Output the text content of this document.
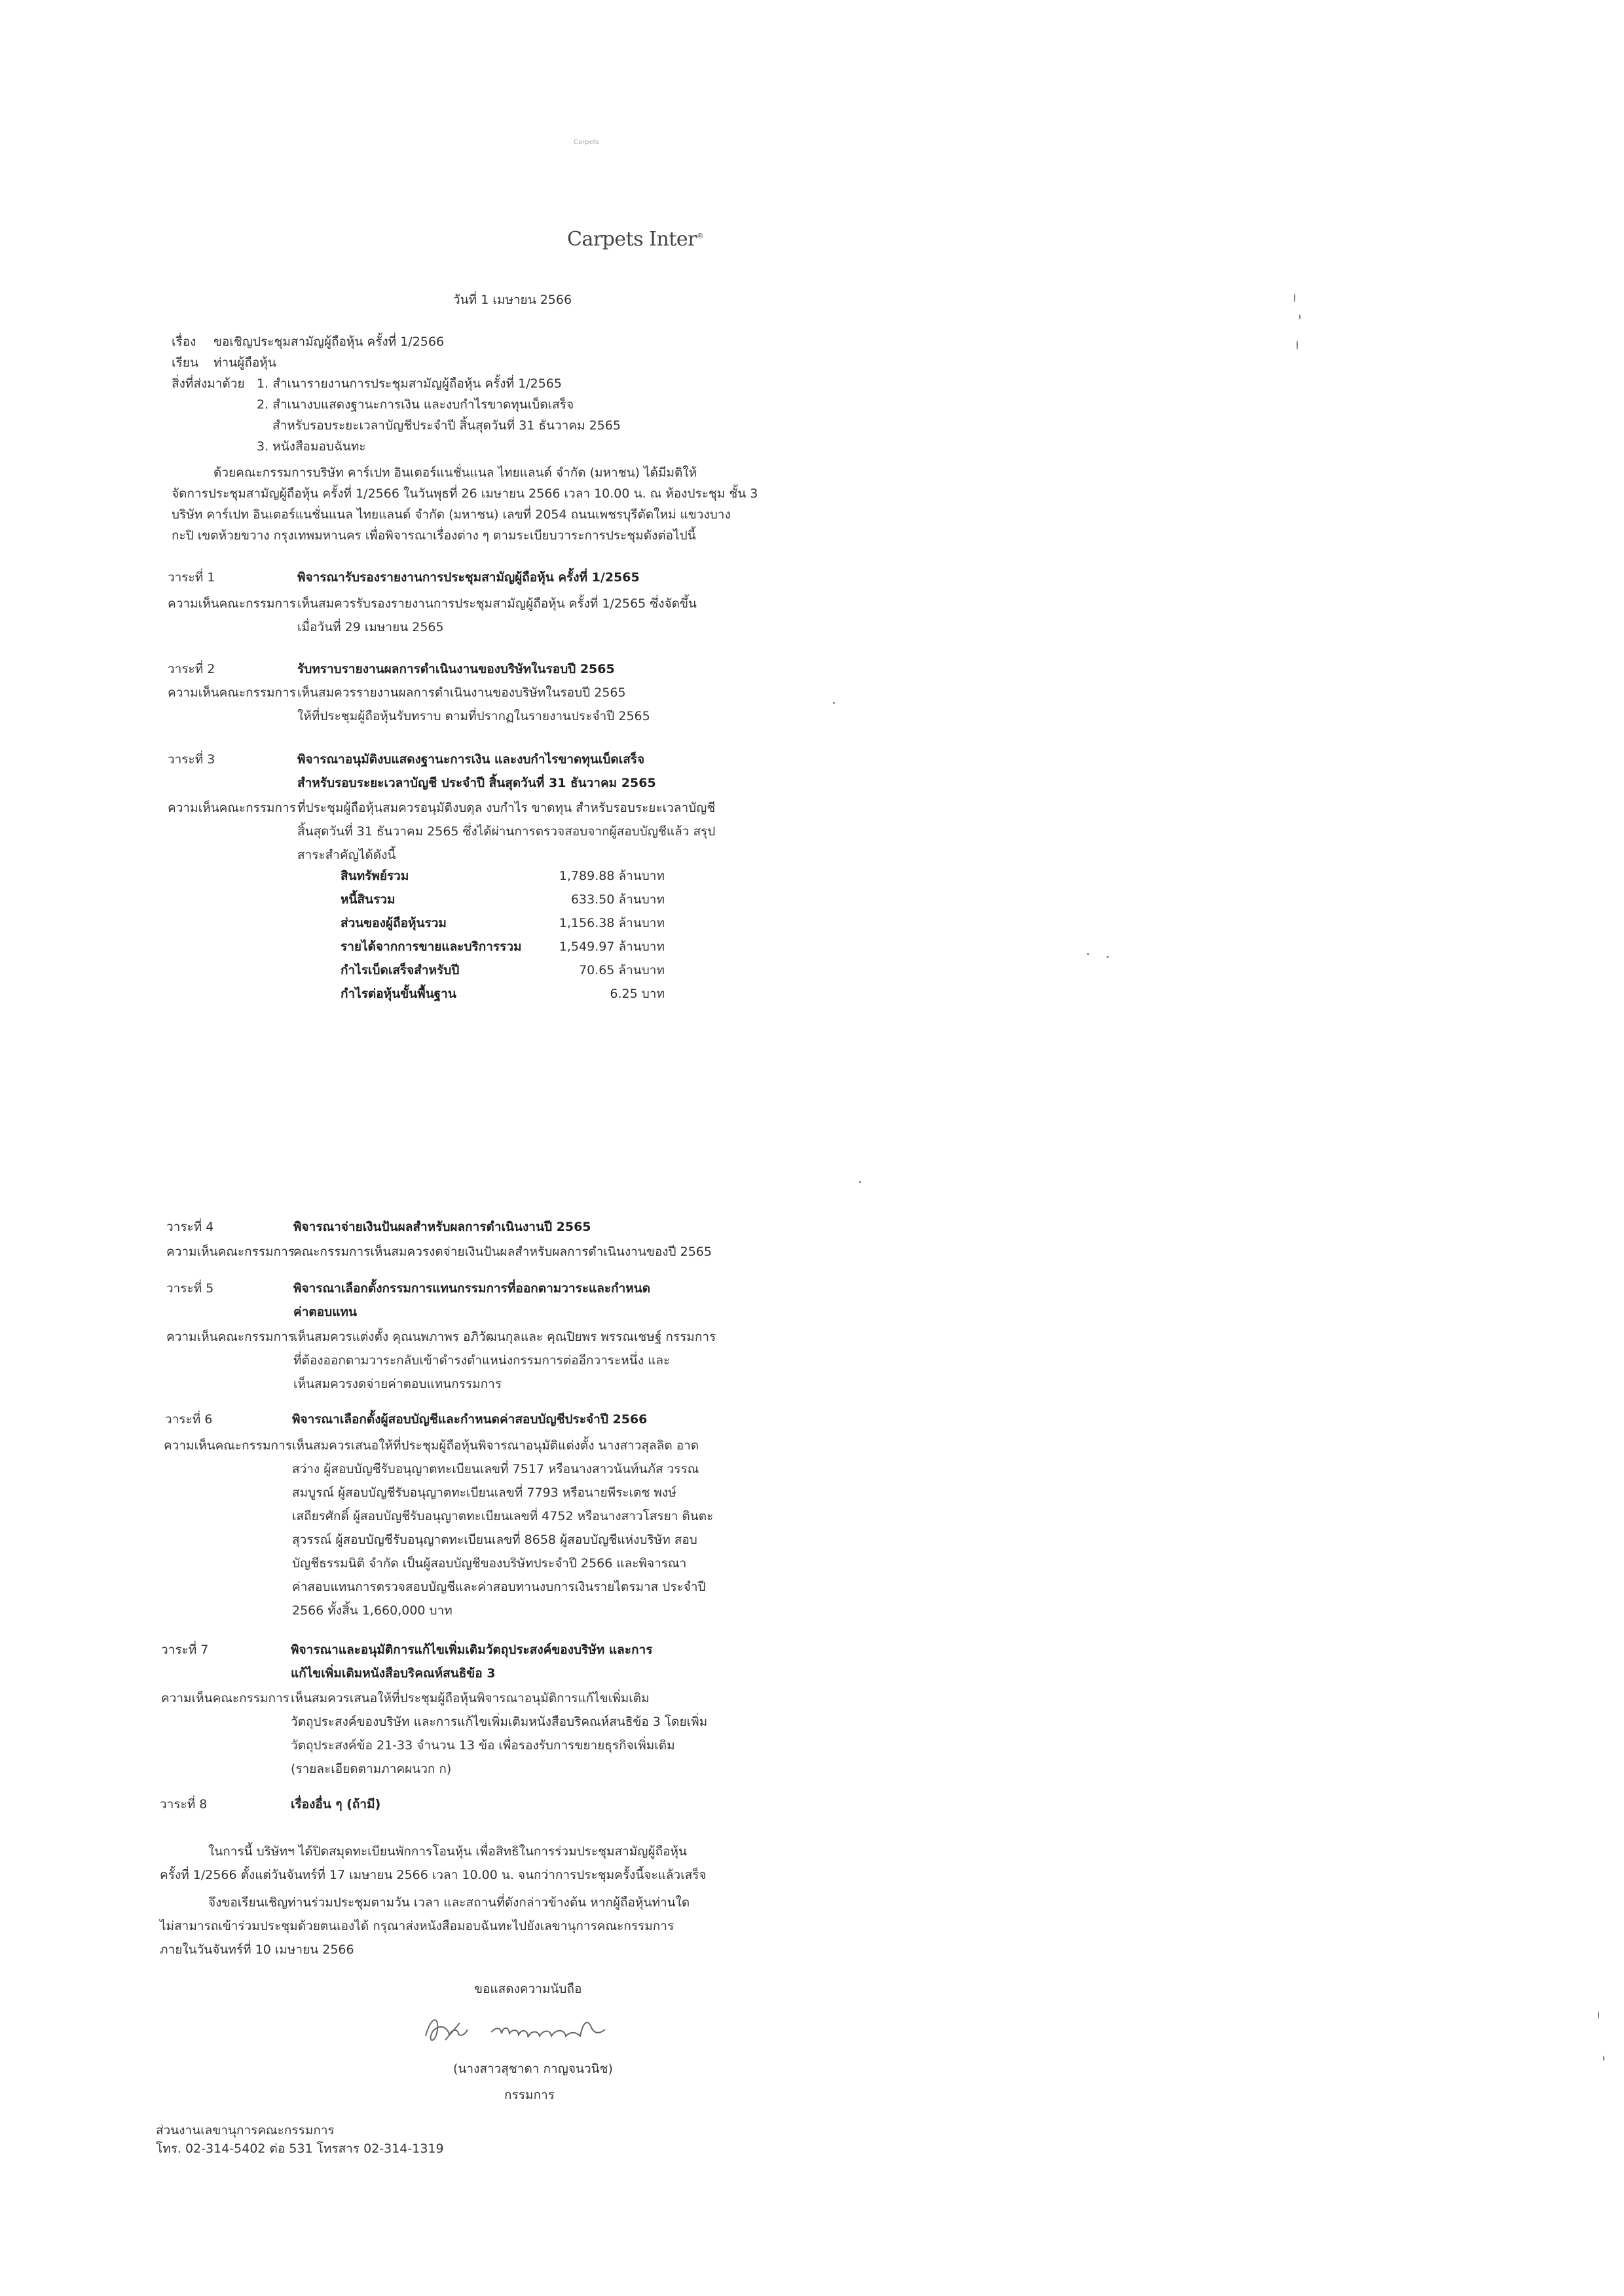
Carpets
Carpets Inter®
วันที่ 1 เมษายน 2566
เรื่อง ขอเชิญประชุมสามัญผู้ถือหุ้น ครั้งที่ 1/2566
เรียน ท่านผู้ถือหุ้น
สิ่งที่ส่งมาด้วย 1. สำเนารายงานการประชุมสามัญผู้ถือหุ้น ครั้งที่ 1/2565
2. สำเนางบแสดงฐานะการเงิน และงบกำไรขาดทุนเบ็ดเสร็จ
สำหรับรอบระยะเวลาบัญชีประจำปี สิ้นสุดวันที่ 31 ธันวาคม 2565
3. หนังสือมอบฉันทะ
ด้วยคณะกรรมการบริษัท คาร์เปท อินเตอร์แนชั่นแนล ไทยแลนด์ จำกัด (มหาชน) ได้มีมติให้
จัดการประชุมสามัญผู้ถือหุ้น ครั้งที่ 1/2566 ในวันพุธที่ 26 เมษายน 2566 เวลา 10.00 น. ณ ห้องประชุม ชั้น 3
บริษัท คาร์เปท อินเตอร์แนชั่นแนล ไทยแลนด์ จำกัด (มหาชน) เลขที่ 2054 ถนนเพชรบุรีตัดใหม่ แขวงบาง
กะปิ เขตห้วยขวาง กรุงเทพมหานคร เพื่อพิจารณาเรื่องต่าง ๆ ตามระเบียบวาระการประชุมดังต่อไปนี้
วาระที่ 1	พิจารณารับรองรายงานการประชุมสามัญผู้ถือหุ้น ครั้งที่ 1/2565
ความเห็นคณะกรรมการ เห็นสมควรรับรองรายงานการประชุมสามัญผู้ถือหุ้น ครั้งที่ 1/2565 ซึ่งจัดขึ้น
เมื่อวันที่ 29 เมษายน 2565
วาระที่ 2	รับทราบรายงานผลการดำเนินงานของบริษัทในรอบปี 2565
ความเห็นคณะกรรมการ เห็นสมควรรายงานผลการดำเนินงานของบริษัทในรอบปี 2565
ให้ที่ประชุมผู้ถือหุ้นรับทราบ ตามที่ปรากฏในรายงานประจำปี 2565
วาระที่ 3	พิจารณาอนุมัติงบแสดงฐานะการเงิน และงบกำไรขาดทุนเบ็ดเสร็จ
สำหรับรอบระยะเวลาบัญชี ประจำปี สิ้นสุดวันที่ 31 ธันวาคม 2565
ความเห็นคณะกรรมการ ที่ประชุมผู้ถือหุ้นสมควรอนุมัติงบดุล งบกำไร ขาดทุน สำหรับรอบระยะเวลาบัญชี
สิ้นสุดวันที่ 31 ธันวาคม 2565 ซึ่งได้ผ่านการตรวจสอบจากผู้สอบบัญชีแล้ว สรุป
สาระสำคัญได้ดังนี้
สินทรัพย์รวม	1,789.88 ล้านบาท
หนี้สินรวม	633.50 ล้านบาท
ส่วนของผู้ถือหุ้นรวม	1,156.38 ล้านบาท
รายได้จากการขายและบริการรวม	1,549.97 ล้านบาท
กำไรเบ็ดเสร็จสำหรับปี	70.65 ล้านบาท
กำไรต่อหุ้นขั้นพื้นฐาน	6.25 บาท
วาระที่ 4	พิจารณาจ่ายเงินปันผลสำหรับผลการดำเนินงานปี 2565
ความเห็นคณะกรรมการ
คณะกรรมการเห็นสมควรงดจ่ายเงินปันผลสำหรับผลการดำเนินงานของปี 2565
วาระที่ 5	พิจารณาเลือกตั้งกรรมการแทนกรรมการที่ออกตามวาระและกำหนด
ค่าตอบแทน
ความเห็นคณะกรรมการ
เห็นสมควรแต่งตั้ง คุณนพภาพร อภิวัฒนกุลและ คุณปิยพร พรรณเชษฐ์ กรรมการ
ที่ต้องออกตามวาระกลับเข้าดำรงตำแหน่งกรรมการต่ออีกวาระหนึ่ง และ
เห็นสมควรงดจ่ายค่าตอบแทนกรรมการ
วาระที่ 6	พิจารณาเลือกตั้งผู้สอบบัญชีและกำหนดค่าสอบบัญชีประจำปี 2566
ความเห็นคณะกรรมการ เห็นสมควรเสนอให้ที่ประชุมผู้ถือหุ้นพิจารณาอนุมัติแต่งตั้ง นางสาวสุลลิต อาด
สว่าง ผู้สอบบัญชีรับอนุญาตทะเบียนเลขที่ 7517 หรือนางสาวนันท์นภัส วรรณ
สมบูรณ์ ผู้สอบบัญชีรับอนุญาตทะเบียนเลขที่ 7793 หรือนายพีระเดช พงษ์
เสถียรศักดิ์ ผู้สอบบัญชีรับอนุญาตทะเบียนเลขที่ 4752 หรือนางสาวโสรยา ตินตะ
สุวรรณ์ ผู้สอบบัญชีรับอนุญาตทะเบียนเลขที่ 8658 ผู้สอบบัญชีแห่งบริษัท สอบ
บัญชีธรรมนิติ จำกัด เป็นผู้สอบบัญชีของบริษัทประจำปี 2566 และพิจารณา
ค่าสอบแทนการตรวจสอบบัญชีและค่าสอบทานงบการเงินรายไตรมาส ประจำปี
2566 ทั้งสิ้น 1,660,000 บาท
วาระที่ 7	พิจารณาและอนุมัติการแก้ไขเพิ่มเติมวัตถุประสงค์ของบริษัท และการ
แก้ไขเพิ่มเติมหนังสือบริคณห์สนธิข้อ 3
ความเห็นคณะกรรมการ เห็นสมควรเสนอให้ที่ประชุมผู้ถือหุ้นพิจารณาอนุมัติการแก้ไขเพิ่มเติม
วัตถุประสงค์ของบริษัท และการแก้ไขเพิ่มเติมหนังสือบริคณห์สนธิข้อ 3 โดยเพิ่ม
วัตถุประสงค์ข้อ 21-33 จำนวน 13 ข้อ เพื่อรองรับการขยายธุรกิจเพิ่มเติม
(รายละเอียดตามภาคผนวก ก)
วาระที่ 8	เรื่องอื่น ๆ (ถ้ามี)
ในการนี้ บริษัทฯ ได้ปิดสมุดทะเบียนพักการโอนหุ้น เพื่อสิทธิในการร่วมประชุมสามัญผู้ถือหุ้น
ครั้งที่ 1/2566 ตั้งแต่วันจันทร์ที่ 17 เมษายน 2566 เวลา 10.00 น. จนกว่าการประชุมครั้งนี้จะแล้วเสร็จ
จึงขอเรียนเชิญท่านร่วมประชุมตามวัน เวลา และสถานที่ดังกล่าวข้างต้น หากผู้ถือหุ้นท่านใด
ไม่สามารถเข้าร่วมประชุมด้วยตนเองได้ กรุณาส่งหนังสือมอบฉันทะไปยังเลขานุการคณะกรรมการ
ภายในวันจันทร์ที่ 10 เมษายน 2566
ขอแสดงความนับถือ
(นางสาวสุชาดา กาญจนวนิช)
กรรมการ
ส่วนงานเลขานุการคณะกรรมการ
โทร. 02-314-5402 ต่อ 531 โทรสาร 02-314-1319
